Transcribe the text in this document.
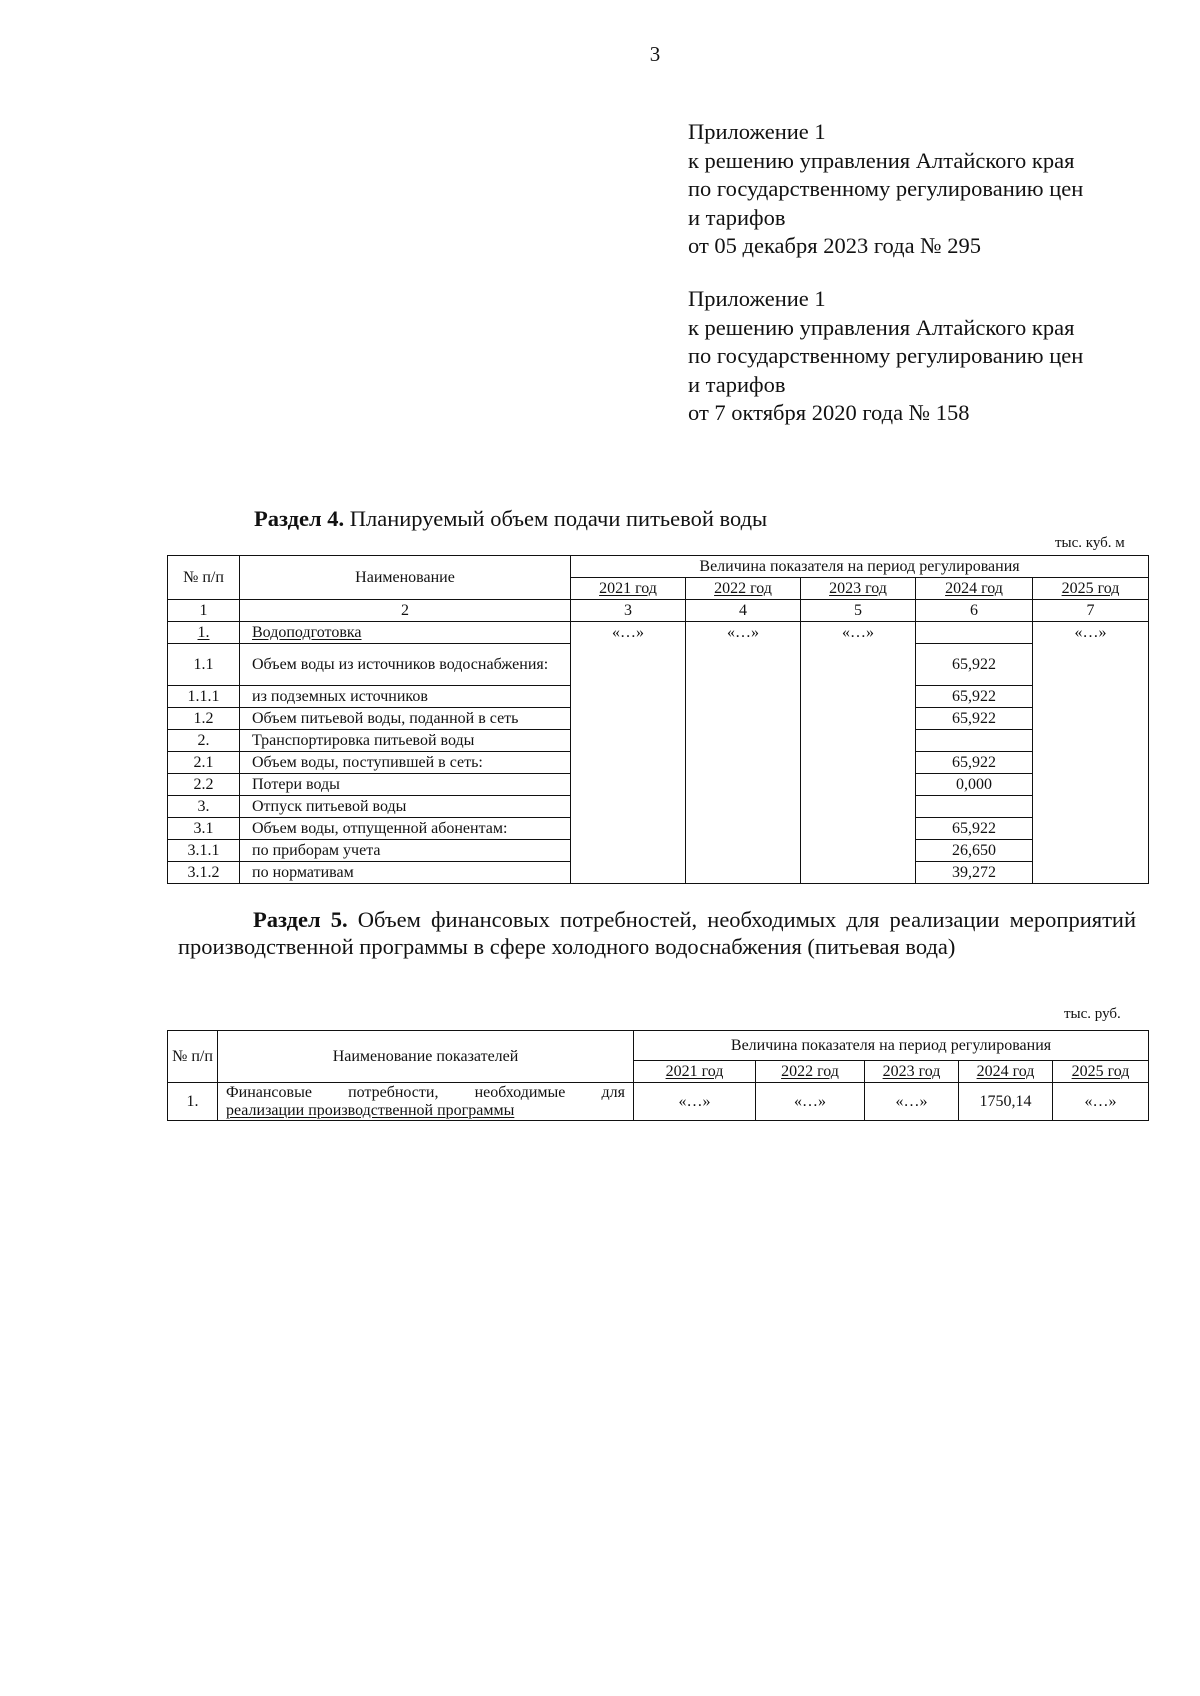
3
Приложение 1
к решению управления Алтайского края
по государственному регулированию цен
и тарифов
от 05 декабря 2023 года № 295
Приложение 1
к решению управления Алтайского края
по государственному регулированию цен
и тарифов
от 7 октября 2020 года № 158
Раздел 4. Планируемый объем подачи питьевой воды
тыс. куб. м
№ п/п	Наименование	Величина показателя на период регулирования				
		2021 год	2022 год	2023 год	2024 год	2025 год
1	2	3	4	5	6	7
1.	Водоподготовка	«…»	«…»	«…»		«…»
1.1	Объем воды из источников водоснабжения:				65,922	
1.1.1	из подземных источников				65,922	
1.2	Объем питьевой воды, поданной в сеть				65,922	
2.	Транспортировка питьевой воды					
2.1	Объем воды, поступившей в сеть:				65,922	
2.2	Потери воды				0,000	
3.	Отпуск питьевой воды					
3.1	Объем воды, отпущенной абонентам:				65,922	
3.1.1	по приборам учета				26,650	
3.1.2	по нормативам				39,272	
Раздел 5. Объем финансовых потребностей, необходимых для реализации мероприятий производственной программы в сфере холодного водоснабжения (питьевая вода)
тыс. руб.
№ п/п	Наименование показателей	Величина показателя на период регулирования				
		2021 год	2022 год	2023 год	2024 год	2025 год
1.	Финансовые потребности, необходимые для
реализации производственной программы	«…»	«…»	«…»	1750,14	«…»
